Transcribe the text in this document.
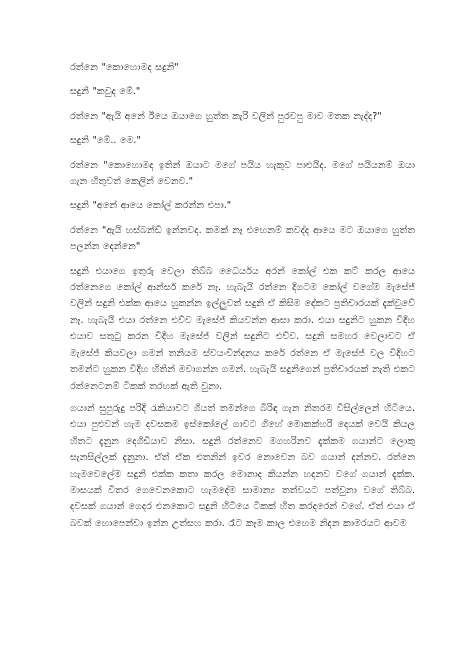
රත්නෙ "කොහොමද සදුනි"

සදුනි "කවුද මේ."

රත්නෙ "ඇයි අනේ ඊයෙ ඔයාගෙ හුත්ත කැරි වලින් පුරවපු මාව මතක නැද්ද?"

සදුනි "මේ.. මෙ."

රත්නෙ "කොහොමද ඉතින් ඔයාට මගේ පයිය හැකුව පාළුයිද. මගේ පයියනම් ඔයා ගැන හිතුවත් කෙලින් වෙනව."

සදුනි "අනේ ආයෙ කෝල් කරන්න එපා."

රත්නෙ "ඇයි හස්බන්ඩ් ඉන්නවද. කමක් නෑ එහෙනම් කවද්ද ආයෙ මට ඔයාගෙ හුත්ත පලන්න දෙන්නෙ"

සදුනි එයාගෙ ඉතුරු වෙලා තිබ්බ ධෛර්යය අරන් කෝල් එක කට් කරල ආයෙ රත්නෙගෙ කෝල් ආන්සර් කරේ නෑ. හැබැයි රත්නෙ දිගටම කෝල් වගේම මැසේජ් වලින් සදුනි එක්ක ආයෙ හුකන්න ඉල්ලුවත් සදුනි ඒ කිසිම දේකට ප්‍රතිචාරයක් දැක්වුවේ නෑ. හැබැයි එයා රත්නෙ එව්ව මැසේජ් කියවන්න ආසා කරා. එයා සදුනිට හුකන විදිහ එයාව සතුටු කරන විදිහ මැසේජ් වලින් සදුනිට එව්ව. සදුනි සමහර වෙලාවට ඒ මැසේජ් කියවලා ගමන් තනියම ස්වයංවින්දනය කරේ රත්නෙ ඒ මැසේජ් වල විදිහට තමන්ට හුකන විදිහ හිතින් මවාගන්න ගමන්. හැබැයි සදුනිගෙන් ප්‍රතිචාරයක් නැති එකට රත්නෙටනම් ටිකක් තරහක් ඇති වුනා.

ගයාන් සුපුරුදු පරිදි රැකියාවට ගියත් තමන්ගෙ බිරිඳ ගැන නිතරම විසිල්ලෙන් හිටියෙ. එයා පුළුවන් හැම දවසකම ඉස්කෝලේ ගාවට ගිහේ මොකක්හරි දෙයක් වෙයි කියල හිතට දැනුන දෙගිඩියාව නිසා. සදුනි රත්නෙව මගහරිනව දැක්කම ගයාන්ට ලොකු සැනසිල්ලක් දැනුනා. ඒත් ඒක එතනින් ඉවර නොවෙන බව ගයාන් දන්නව. රත්නෙ හැමවෙලේම සදුනි එක්ක කතා කරල මොනාද කියන්න හදනව වගේ ගයාන් දැක්ක. මාසයක් විතර ගෙවෙනකොට හැමදේම සාමාන්‍ය තත්වයට පත්වුනා වගේ තිබ්බ. දවසක් ගයාන් ගෙදර එනකොට සදුනි හිටියෙ ටිකක් හිත කරදරෙන් වගේ. ඒත් එයා ඒ බවක් හොපෙන්වා ඉන්න උත්සහ කරා. රෑට කෑම කාල එහෙම නිදන කාමරයට ආවම
